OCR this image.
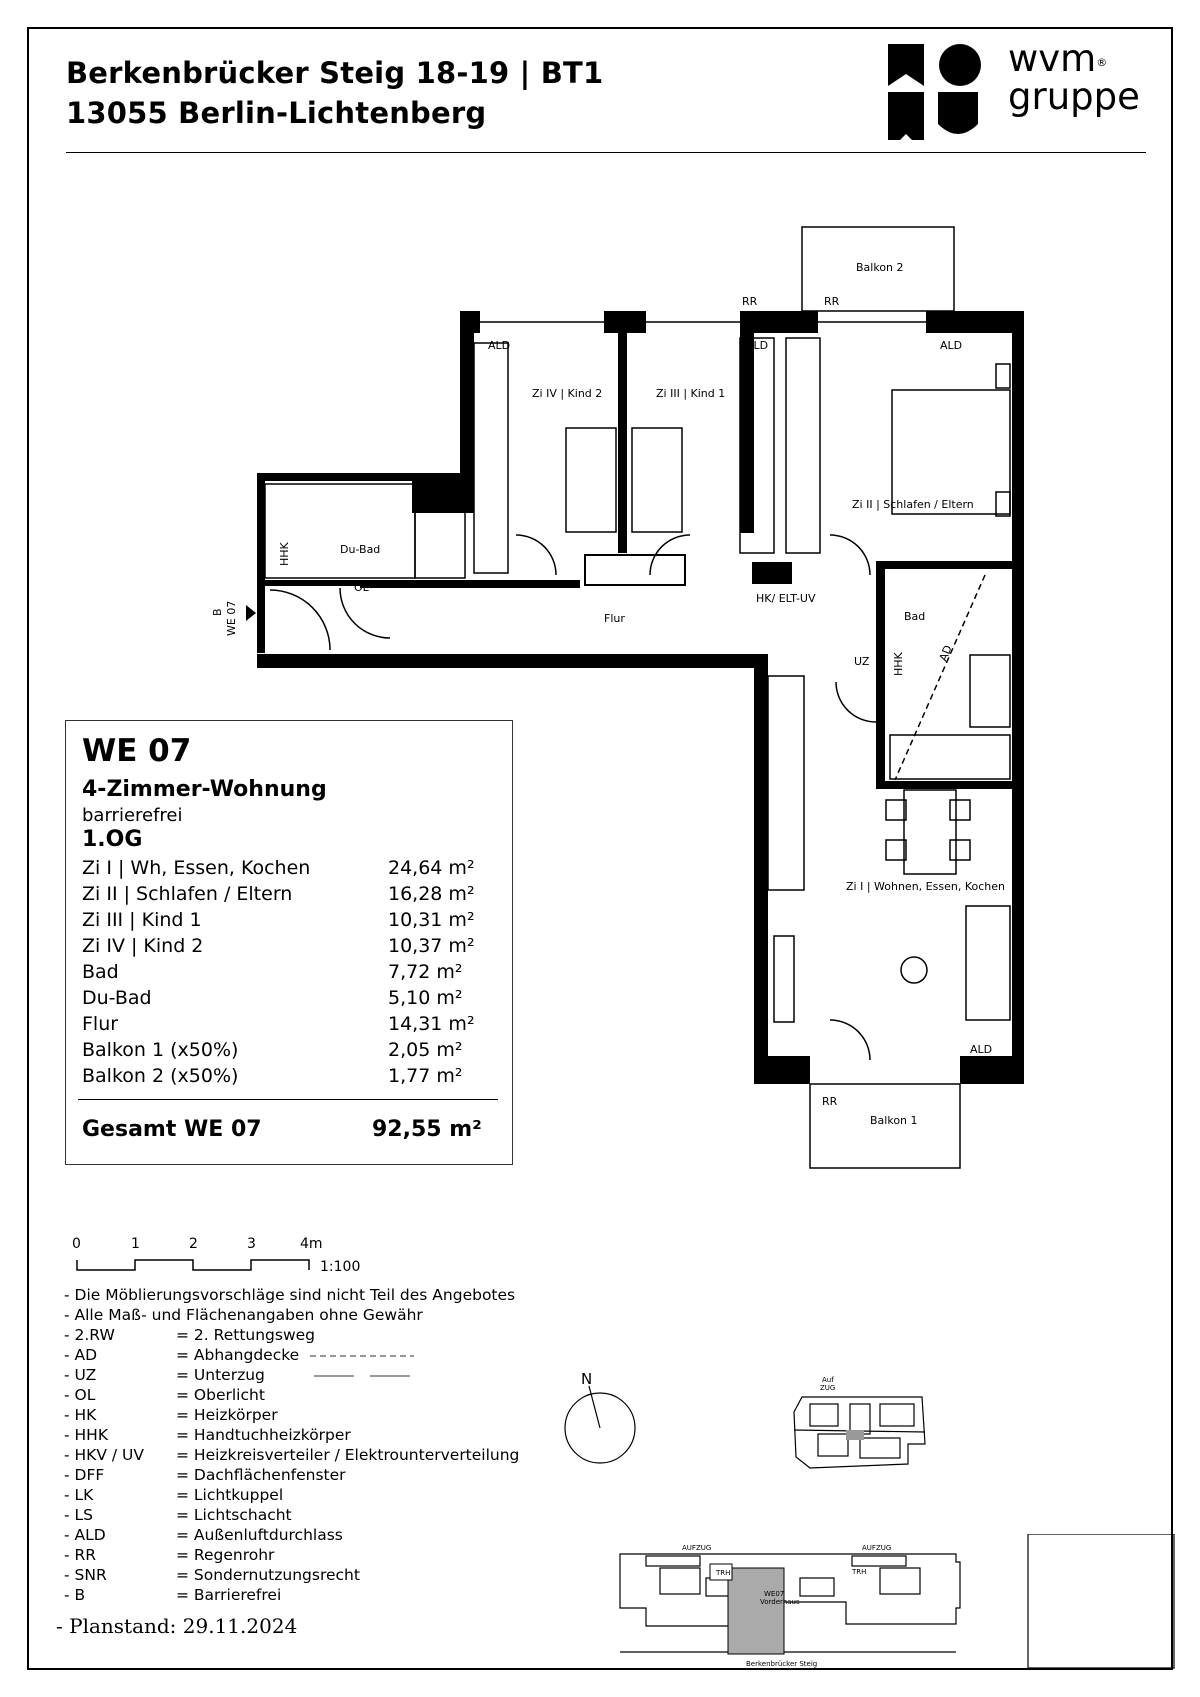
Berkenbrücker Steig 18-19 | BT1
13055 Berlin-Lichtenberg
wvm®
gruppe
Balkon 2
Balkon 1
RR	RR
RR
ALD	ALD	ALD
ALD
Zi IV | Kind 2	Zi III | Kind 1
Zi II | Schlafen / Eltern
Zi I | Wohnen, Essen, Kochen
Du-Bad
HHK
HHK
OL
Flur
HK/ ELT-UV
Bad
AD
UZ
B WE 07
WE 07
4-Zimmer-Wohnung
barrierefrei
1.OG
Zi I | Wh, Essen, Kochen	24,64 m²
Zi II | Schlafen / Eltern	16,28 m²
Zi III | Kind 1	10,31 m²
Zi IV | Kind 2	10,37 m²
Bad	7,72 m²
Du-Bad	5,10 m²
Flur	14,31 m²
Balkon 1 (x50%)	2,05 m²
Balkon 2 (x50%)	1,77 m²
Gesamt WE 07	92,55 m²
0	1	2	3	4m
1:100
- Die Möblierungsvorschläge sind nicht Teil des Angebotes
- Alle Maß- und Flächenangaben ohne Gewähr
- 2.RW	= 2. Rettungsweg
- AD	= Abhangdecke
- UZ	= Unterzug
- OL	= Oberlicht
- HK	= Heizkörper
- HHK	= Handtuchheizkörper
- HKV / UV = Heizkreisverteiler / Elektrounterverteilung
- DFF	= Dachflächenfenster
- LK	= Lichtkuppel
- LS	= Lichtschacht
- ALD	= Außenluftdurchlass
- RR	= Regenrohr
- SNR	= Sondernutzungsrecht
- B	= Barrierefrei
- Planstand: 29.11.2024
N	Auf
ZUG
AUFZUG	AUFZUG
TRH	TRH
WE07
Vorderhaus
Berkenbrücker Steig
